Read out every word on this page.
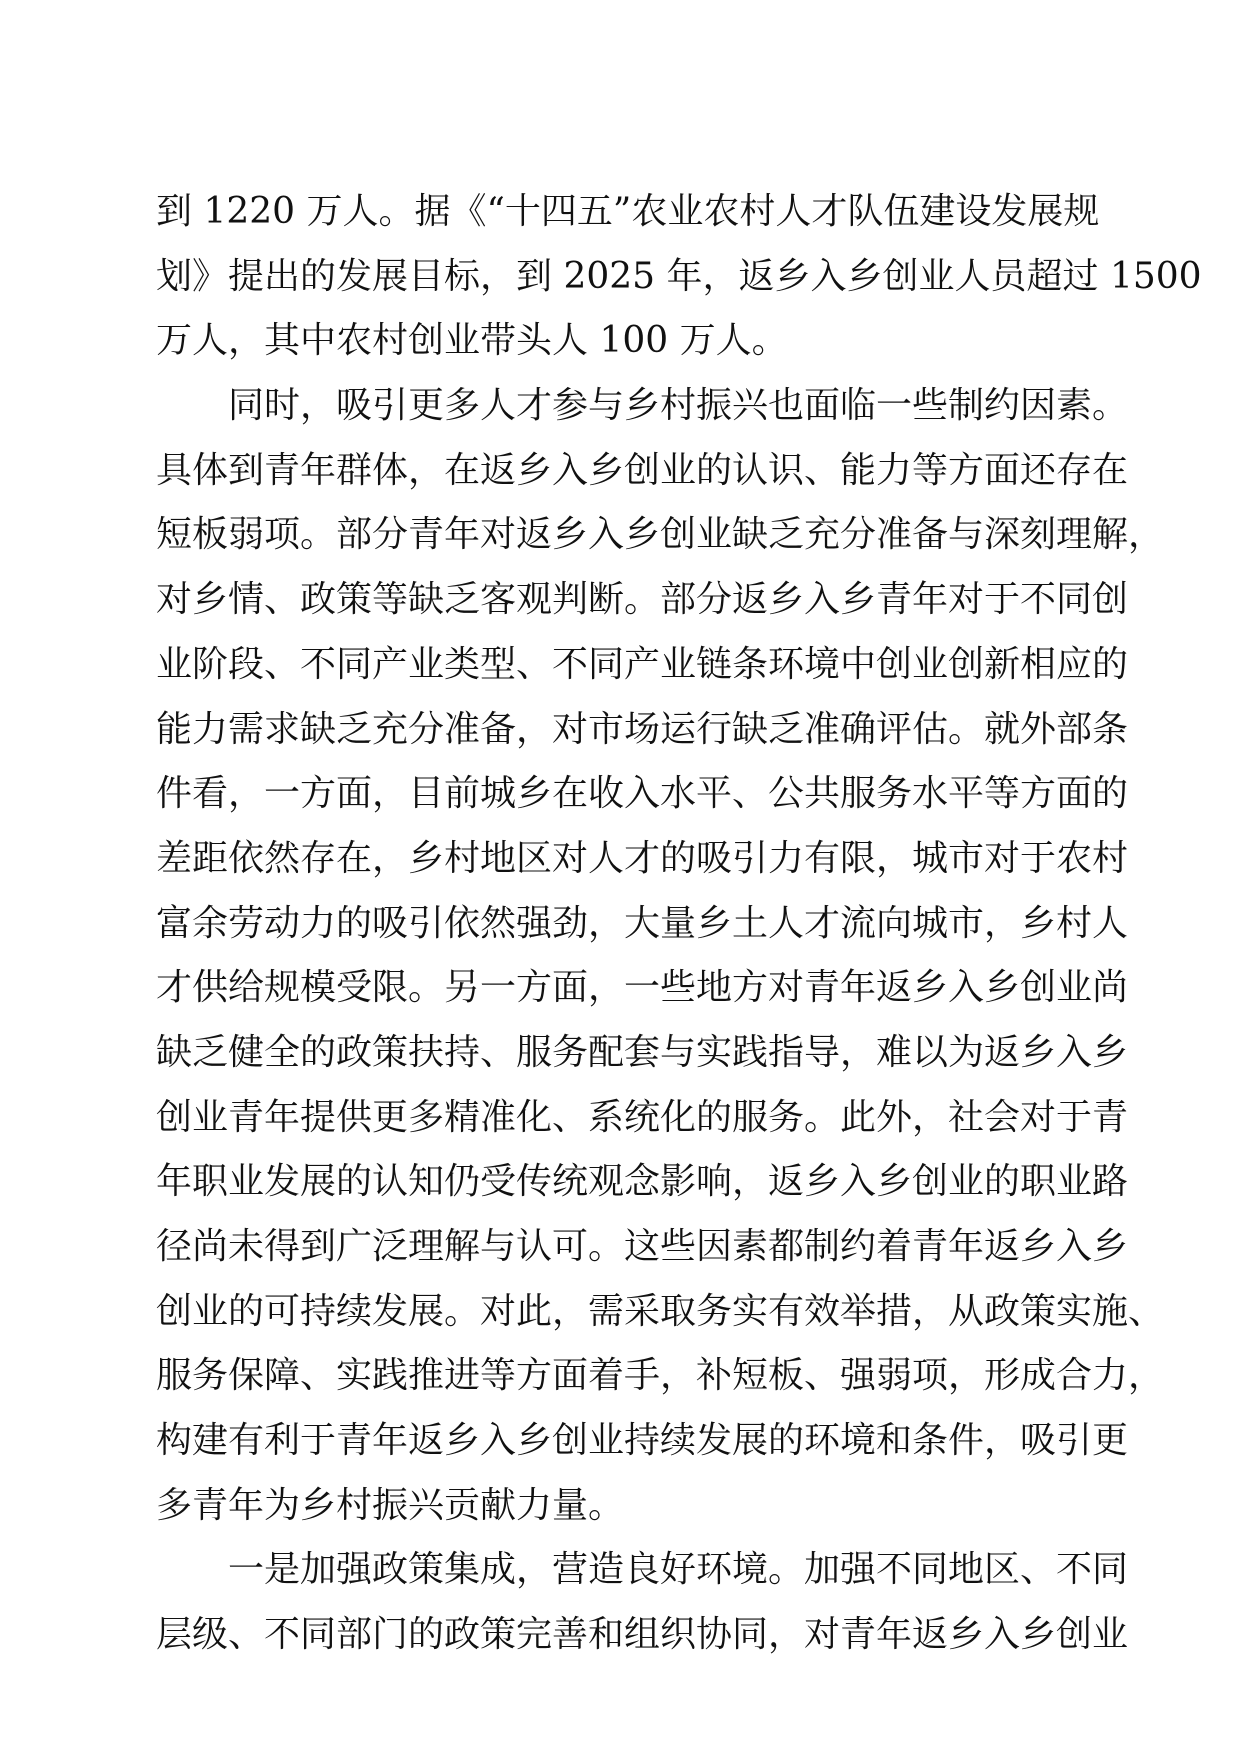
到 1220 万人。据《“十四五”农业农村人才队伍建设发展规
划》提出的发展目标，到 2025 年，返乡入乡创业人员超过 1500
万人，其中农村创业带头人 100 万人。
同时，吸引更多人才参与乡村振兴也面临一些制约因素。
具体到青年群体，在返乡入乡创业的认识、能力等方面还存在
短板弱项。部分青年对返乡入乡创业缺乏充分准备与深刻理解，
对乡情、政策等缺乏客观判断。部分返乡入乡青年对于不同创
业阶段、不同产业类型、不同产业链条环境中创业创新相应的
能力需求缺乏充分准备，对市场运行缺乏准确评估。就外部条
件看，一方面，目前城乡在收入水平、公共服务水平等方面的
差距依然存在，乡村地区对人才的吸引力有限，城市对于农村
富余劳动力的吸引依然强劲，大量乡土人才流向城市，乡村人
才供给规模受限。另一方面，一些地方对青年返乡入乡创业尚
缺乏健全的政策扶持、服务配套与实践指导，难以为返乡入乡
创业青年提供更多精准化、系统化的服务。此外，社会对于青
年职业发展的认知仍受传统观念影响，返乡入乡创业的职业路
径尚未得到广泛理解与认可。这些因素都制约着青年返乡入乡
创业的可持续发展。对此，需采取务实有效举措，从政策实施、
服务保障、实践推进等方面着手，补短板、强弱项，形成合力，
构建有利于青年返乡入乡创业持续发展的环境和条件，吸引更
多青年为乡村振兴贡献力量。
一是加强政策集成，营造良好环境。加强不同地区、不同
层级、不同部门的政策完善和组织协同，对青年返乡入乡创业
